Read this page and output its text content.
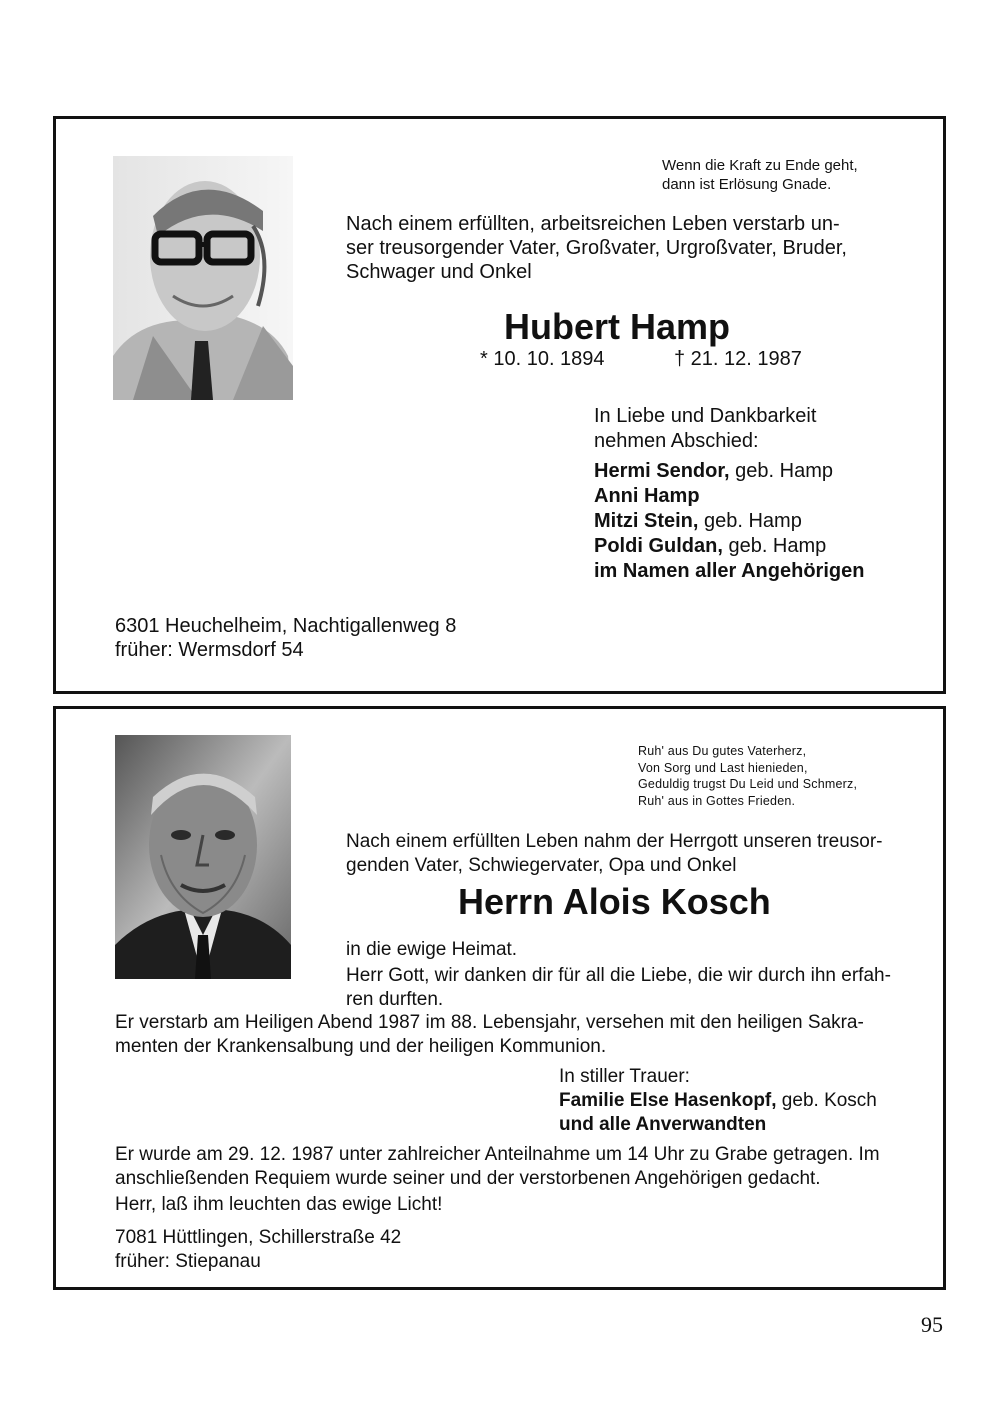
Wenn die Kraft zu Ende geht,
dann ist Erlösung Gnade.
Nach einem erfüllten, arbeitsreichen Leben verstarb un-
ser treusorgender Vater, Großvater, Urgroßvater, Bruder,
Schwager und Onkel
Hubert Hamp
* 10. 10. 1894	† 21. 12. 1987
In Liebe und Dankbarkeit
nehmen Abschied:
Hermi Sendor, geb. Hamp
Anni Hamp
Mitzi Stein, geb. Hamp
Poldi Guldan, geb. Hamp
im Namen aller Angehörigen
6301 Heuchelheim, Nachtigallenweg 8
früher: Wermsdorf 54
Ruh' aus Du gutes Vaterherz,
Von Sorg und Last hienieden,
Geduldig trugst Du Leid und Schmerz,
Ruh' aus in Gottes Frieden.
Nach einem erfüllten Leben nahm der Herrgott unseren treusor-
genden Vater, Schwiegervater, Opa und Onkel
Herrn Alois Kosch
in die ewige Heimat.
Herr Gott, wir danken dir für all die Liebe, die wir durch ihn erfah-
ren durften.
Er verstarb am Heiligen Abend 1987 im 88. Lebensjahr, versehen mit den heiligen Sakra-
menten der Krankensalbung und der heiligen Kommunion.
In stiller Trauer:
Familie Else Hasenkopf, geb. Kosch
und alle Anverwandten
Er wurde am 29. 12. 1987 unter zahlreicher Anteilnahme um 14 Uhr zu Grabe getragen. Im
anschließenden Requiem wurde seiner und der verstorbenen Angehörigen gedacht.
Herr, laß ihm leuchten das ewige Licht!
7081 Hüttlingen, Schillerstraße 42
früher: Stiepanau
95
